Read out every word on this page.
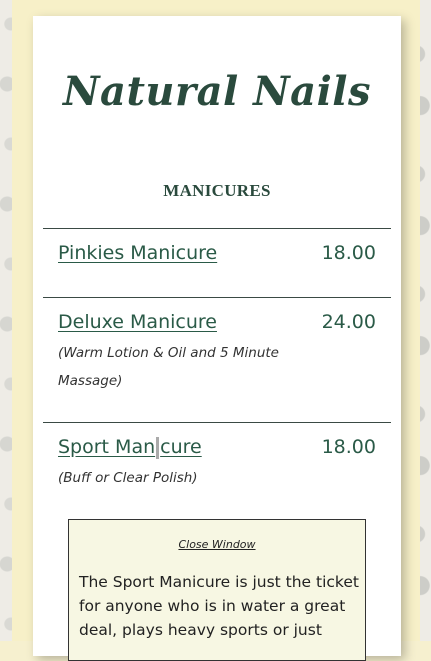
Natural Nails
MANICURES
Pinkies Manicure	18.00
Deluxe Manicure	24.00
(Warm Lotion & Oil and 5 Minute Massage)
Sport Man cure	18.00
(Buff or Clear Polish)
Close Window
The Sport Manicure is just the ticket for anyone who is in water a great deal, plays heavy sports or just
